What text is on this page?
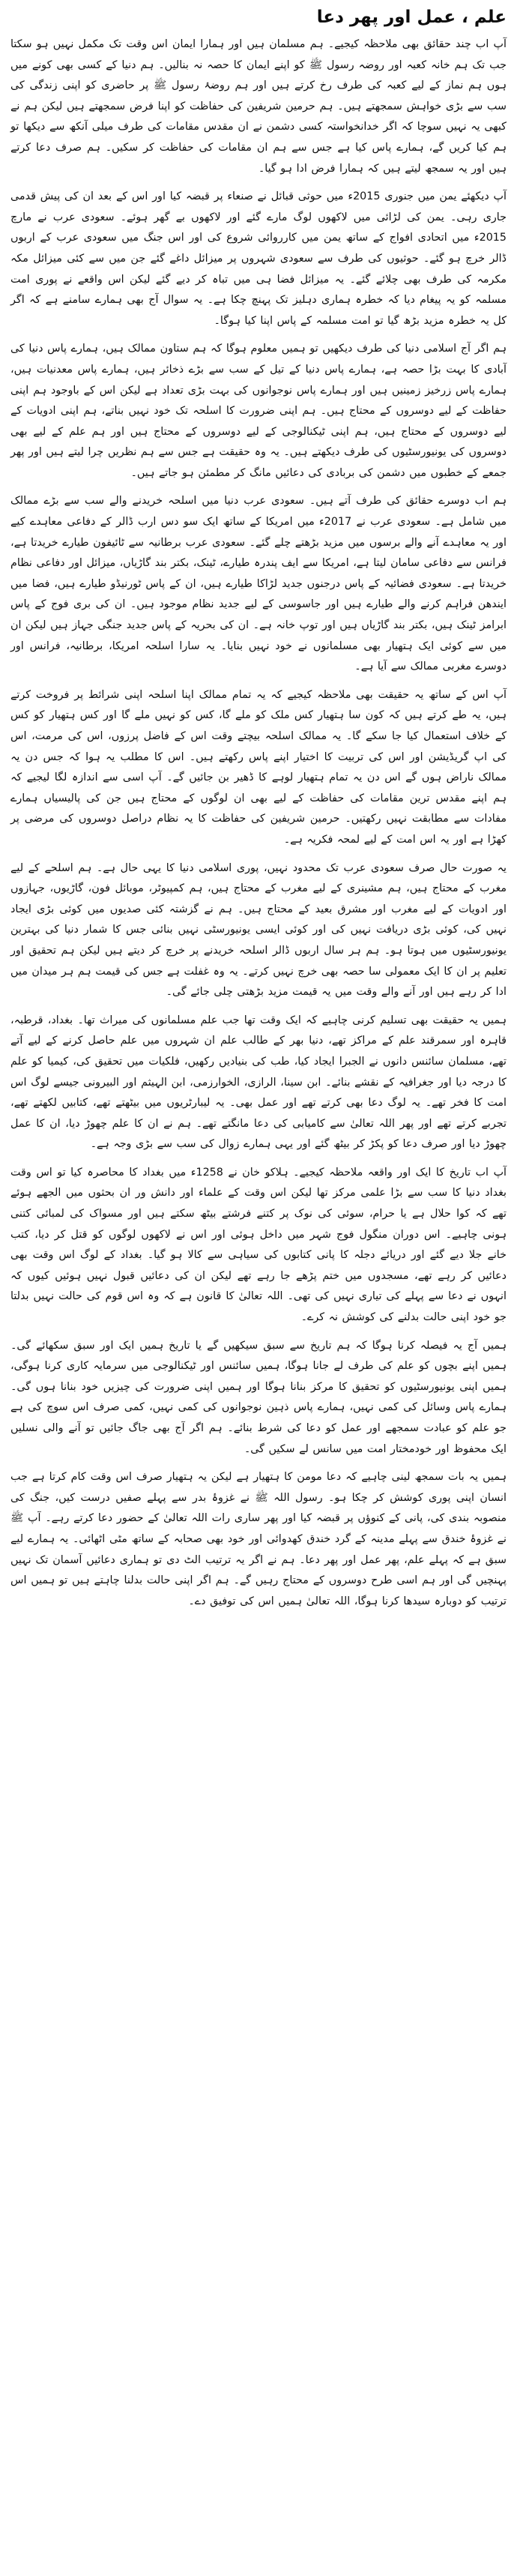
علم ، عمل اور پھر دعا

آپ اب چند حقائق بھی ملاحظہ کیجیے۔ ہم مسلمان ہیں اور ہمارا ایمان اس وقت تک مکمل نہیں ہو سکتا جب تک ہم خانہ کعبہ اور روضہ رسول ﷺ کو اپنے ایمان کا حصہ نہ بنالیں۔ ہم دنیا کے کسی بھی کونے میں ہوں ہم نماز کے لیے کعبہ کی طرف رخ کرتے ہیں اور ہم روضۂ رسول ﷺ پر حاضری کو اپنی زندگی کی سب سے بڑی خواہش سمجھتے ہیں۔ ہم حرمین شریفین کی حفاظت کو اپنا فرض سمجھتے ہیں لیکن ہم نے کبھی یہ نہیں سوچا کہ اگر خدانخواستہ کسی دشمن نے ان مقدس مقامات کی طرف میلی آنکھ سے دیکھا تو ہم کیا کریں گے، ہمارے پاس کیا ہے جس سے ہم ان مقامات کی حفاظت کر سکیں۔ ہم صرف دعا کرتے ہیں اور یہ سمجھ لیتے ہیں کہ ہمارا فرض ادا ہو گیا۔

آپ دیکھئے یمن میں جنوری 2015ء میں حوثی قبائل نے صنعاء پر قبضہ کیا اور اس کے بعد ان کی پیش قدمی جاری رہی۔ یمن کی لڑائی میں لاکھوں لوگ مارے گئے اور لاکھوں بے گھر ہوئے۔ سعودی عرب نے مارچ 2015ء میں اتحادی افواج کے ساتھ یمن میں کارروائی شروع کی اور اس جنگ میں سعودی عرب کے اربوں ڈالر خرچ ہو گئے۔ حوثیوں کی طرف سے سعودی شہروں پر میزائل داغے گئے جن میں سے کئی میزائل مکہ مکرمہ کی طرف بھی چلائے گئے۔ یہ میزائل فضا ہی میں تباہ کر دیے گئے لیکن اس واقعے نے پوری امت مسلمہ کو یہ پیغام دیا کہ خطرہ ہماری دہلیز تک پہنچ چکا ہے۔ یہ سوال آج بھی ہمارے سامنے ہے کہ اگر کل یہ خطرہ مزید بڑھ گیا تو امت مسلمہ کے پاس اپنا کیا ہوگا۔

ہم اگر آج اسلامی دنیا کی طرف دیکھیں تو ہمیں معلوم ہوگا کہ ہم ستاون ممالک ہیں، ہمارے پاس دنیا کی آبادی کا بہت بڑا حصہ ہے، ہمارے پاس دنیا کے تیل کے سب سے بڑے ذخائر ہیں، ہمارے پاس معدنیات ہیں، ہمارے پاس زرخیز زمینیں ہیں اور ہمارے پاس نوجوانوں کی بہت بڑی تعداد ہے لیکن اس کے باوجود ہم اپنی حفاظت کے لیے دوسروں کے محتاج ہیں۔ ہم اپنی ضرورت کا اسلحہ تک خود نہیں بناتے، ہم اپنی ادویات کے لیے دوسروں کے محتاج ہیں، ہم اپنی ٹیکنالوجی کے لیے دوسروں کے محتاج ہیں اور ہم علم کے لیے بھی دوسروں کی یونیورسٹیوں کی طرف دیکھتے ہیں۔ یہ وہ حقیقت ہے جس سے ہم نظریں چرا لیتے ہیں اور پھر جمعے کے خطبوں میں دشمن کی بربادی کی دعائیں مانگ کر مطمئن ہو جاتے ہیں۔

ہم اب دوسرے حقائق کی طرف آتے ہیں۔ سعودی عرب دنیا میں اسلحہ خریدنے والے سب سے بڑے ممالک میں شامل ہے۔ سعودی عرب نے 2017ء میں امریکا کے ساتھ ایک سو دس ارب ڈالر کے دفاعی معاہدے کیے اور یہ معاہدے آنے والے برسوں میں مزید بڑھتے چلے گئے۔ سعودی عرب برطانیہ سے ٹائیفون طیارے خریدتا ہے، فرانس سے دفاعی سامان لیتا ہے، امریکا سے ایف پندرہ طیارے، ٹینک، بکتر بند گاڑیاں، میزائل اور دفاعی نظام خریدتا ہے۔ سعودی فضائیہ کے پاس درجنوں جدید لڑاکا طیارے ہیں، ان کے پاس ٹورنیڈو طیارے ہیں، فضا میں ایندھن فراہم کرنے والے طیارے ہیں اور جاسوسی کے لیے جدید نظام موجود ہیں۔ ان کی بری فوج کے پاس ابرامز ٹینک ہیں، بکتر بند گاڑیاں ہیں اور توپ خانہ ہے۔ ان کی بحریہ کے پاس جدید جنگی جہاز ہیں لیکن ان میں سے کوئی ایک ہتھیار بھی مسلمانوں نے خود نہیں بنایا۔ یہ سارا اسلحہ امریکا، برطانیہ، فرانس اور دوسرے مغربی ممالک سے آیا ہے۔

آپ اس کے ساتھ یہ حقیقت بھی ملاحظہ کیجیے کہ یہ تمام ممالک اپنا اسلحہ اپنی شرائط پر فروخت کرتے ہیں، یہ طے کرتے ہیں کہ کون سا ہتھیار کس ملک کو ملے گا، کس کو نہیں ملے گا اور کس ہتھیار کو کس کے خلاف استعمال کیا جا سکے گا۔ یہ ممالک اسلحہ بیچتے وقت اس کے فاضل پرزوں، اس کی مرمت، اس کی اپ گریڈیشن اور اس کی تربیت کا اختیار اپنے پاس رکھتے ہیں۔ اس کا مطلب یہ ہوا کہ جس دن یہ ممالک ناراض ہوں گے اس دن یہ تمام ہتھیار لوہے کا ڈھیر بن جائیں گے۔ آپ اسی سے اندازہ لگا لیجیے کہ ہم اپنے مقدس ترین مقامات کی حفاظت کے لیے بھی ان لوگوں کے محتاج ہیں جن کی پالیسیاں ہمارے مفادات سے مطابقت نہیں رکھتیں۔ حرمین شریفین کی حفاظت کا یہ نظام دراصل دوسروں کی مرضی پر کھڑا ہے اور یہ اس امت کے لیے لمحہ فکریہ ہے۔

یہ صورت حال صرف سعودی عرب تک محدود نہیں، پوری اسلامی دنیا کا یہی حال ہے۔ ہم اسلحے کے لیے مغرب کے محتاج ہیں، ہم مشینری کے لیے مغرب کے محتاج ہیں، ہم کمپیوٹر، موبائل فون، گاڑیوں، جہازوں اور ادویات کے لیے مغرب اور مشرق بعید کے محتاج ہیں۔ ہم نے گزشتہ کئی صدیوں میں کوئی بڑی ایجاد نہیں کی، کوئی بڑی دریافت نہیں کی اور کوئی ایسی یونیورسٹی نہیں بنائی جس کا شمار دنیا کی بہترین یونیورسٹیوں میں ہوتا ہو۔ ہم ہر سال اربوں ڈالر اسلحہ خریدنے پر خرچ کر دیتے ہیں لیکن ہم تحقیق اور تعلیم پر ان کا ایک معمولی سا حصہ بھی خرچ نہیں کرتے۔ یہ وہ غفلت ہے جس کی قیمت ہم ہر میدان میں ادا کر رہے ہیں اور آنے والے وقت میں یہ قیمت مزید بڑھتی چلی جائے گی۔

ہمیں یہ حقیقت بھی تسلیم کرنی چاہیے کہ ایک وقت تھا جب علم مسلمانوں کی میراث تھا۔ بغداد، قرطبہ، قاہرہ اور سمرقند علم کے مراکز تھے، دنیا بھر کے طالب علم ان شہروں میں علم حاصل کرنے کے لیے آتے تھے، مسلمان سائنس دانوں نے الجبرا ایجاد کیا، طب کی بنیادیں رکھیں، فلکیات میں تحقیق کی، کیمیا کو علم کا درجہ دیا اور جغرافیہ کے نقشے بنائے۔ ابن سینا، الرازی، الخوارزمی، ابن الہیثم اور البیرونی جیسے لوگ اس امت کا فخر تھے۔ یہ لوگ دعا بھی کرتے تھے اور عمل بھی۔ یہ لیبارٹریوں میں بیٹھتے تھے، کتابیں لکھتے تھے، تجربے کرتے تھے اور پھر اللہ تعالیٰ سے کامیابی کی دعا مانگتے تھے۔ ہم نے ان کا علم چھوڑ دیا، ان کا عمل چھوڑ دیا اور صرف دعا کو پکڑ کر بیٹھ گئے اور یہی ہمارے زوال کی سب سے بڑی وجہ ہے۔

آپ اب تاریخ کا ایک اور واقعہ ملاحظہ کیجیے۔ ہلاکو خان نے 1258ء میں بغداد کا محاصرہ کیا تو اس وقت بغداد دنیا کا سب سے بڑا علمی مرکز تھا لیکن اس وقت کے علماء اور دانش ور ان بحثوں میں الجھے ہوئے تھے کہ کوا حلال ہے یا حرام، سوئی کی نوک پر کتنے فرشتے بیٹھ سکتے ہیں اور مسواک کی لمبائی کتنی ہونی چاہیے۔ اس دوران منگول فوج شہر میں داخل ہوئی اور اس نے لاکھوں لوگوں کو قتل کر دیا، کتب خانے جلا دیے گئے اور دریائے دجلہ کا پانی کتابوں کی سیاہی سے کالا ہو گیا۔ بغداد کے لوگ اس وقت بھی دعائیں کر رہے تھے، مسجدوں میں ختم پڑھے جا رہے تھے لیکن ان کی دعائیں قبول نہیں ہوئیں کیوں کہ انہوں نے دعا سے پہلے کی تیاری نہیں کی تھی۔ اللہ تعالیٰ کا قانون ہے کہ وہ اس قوم کی حالت نہیں بدلتا جو خود اپنی حالت بدلنے کی کوشش نہ کرے۔

ہمیں آج یہ فیصلہ کرنا ہوگا کہ ہم تاریخ سے سبق سیکھیں گے یا تاریخ ہمیں ایک اور سبق سکھائے گی۔ ہمیں اپنے بچوں کو علم کی طرف لے جانا ہوگا، ہمیں سائنس اور ٹیکنالوجی میں سرمایہ کاری کرنا ہوگی، ہمیں اپنی یونیورسٹیوں کو تحقیق کا مرکز بنانا ہوگا اور ہمیں اپنی ضرورت کی چیزیں خود بنانا ہوں گی۔ ہمارے پاس وسائل کی کمی نہیں، ہمارے پاس ذہین نوجوانوں کی کمی نہیں، کمی صرف اس سوچ کی ہے جو علم کو عبادت سمجھے اور عمل کو دعا کی شرط بنائے۔ ہم اگر آج بھی جاگ جائیں تو آنے والی نسلیں ایک محفوظ اور خودمختار امت میں سانس لے سکیں گی۔

ہمیں یہ بات سمجھ لینی چاہیے کہ دعا مومن کا ہتھیار ہے لیکن یہ ہتھیار صرف اس وقت کام کرتا ہے جب انسان اپنی پوری کوشش کر چکا ہو۔ رسول اللہ ﷺ نے غزوۂ بدر سے پہلے صفیں درست کیں، جنگ کی منصوبہ بندی کی، پانی کے کنوؤں پر قبضہ کیا اور پھر ساری رات اللہ تعالیٰ کے حضور دعا کرتے رہے۔ آپ ﷺ نے غزوۂ خندق سے پہلے مدینہ کے گرد خندق کھدوائی اور خود بھی صحابہ کے ساتھ مٹی اٹھائی۔ یہ ہمارے لیے سبق ہے کہ پہلے علم، پھر عمل اور پھر دعا۔ ہم نے اگر یہ ترتیب الٹ دی تو ہماری دعائیں آسمان تک نہیں پہنچیں گی اور ہم اسی طرح دوسروں کے محتاج رہیں گے۔ ہم اگر اپنی حالت بدلنا چاہتے ہیں تو ہمیں اس ترتیب کو دوبارہ سیدھا کرنا ہوگا، اللہ تعالیٰ ہمیں اس کی توفیق دے۔
